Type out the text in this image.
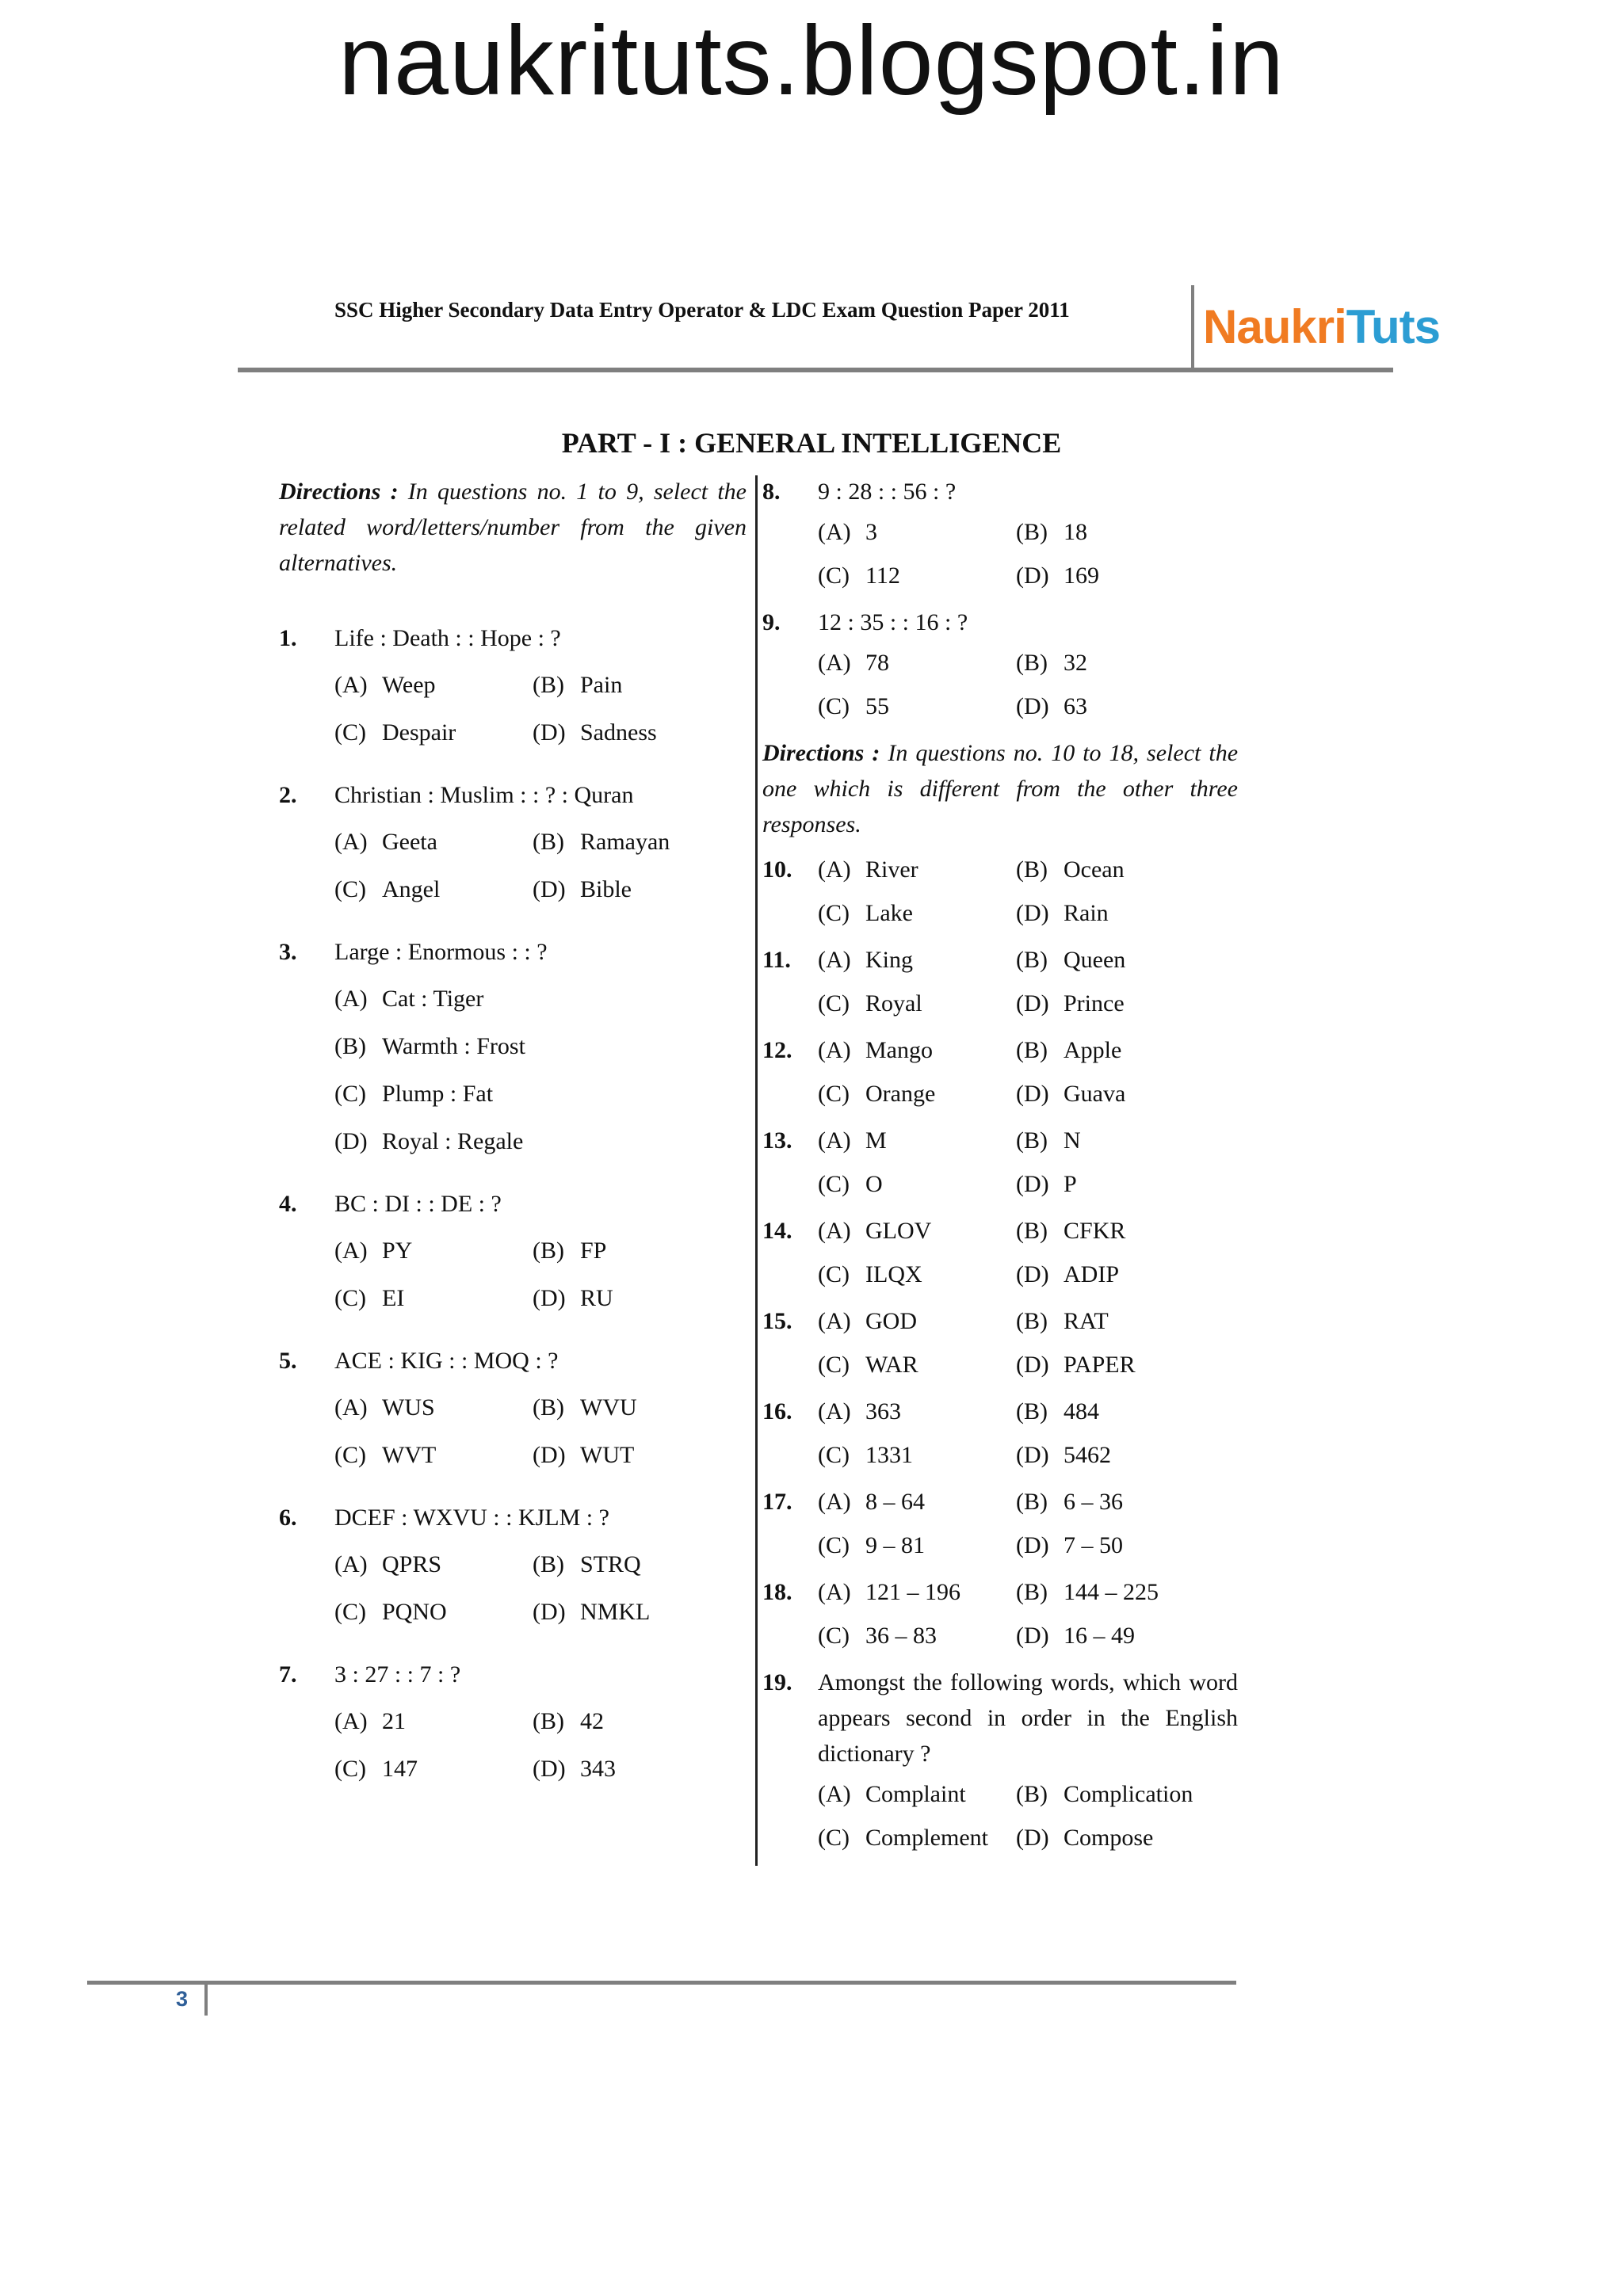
naukrituts.blogspot.in
SSC Higher Secondary Data Entry Operator & LDC Exam Question Paper 2011	NaukriTuts
PART - I : GENERAL INTELLIGENCE
Directions : In questions no. 1 to 9, select the related word/letters/number from the given alternatives.
1.	Life : Death : : Hope : ?
(A) Weep	(B) Pain
(C) Despair	(D) Sadness
2.	Christian : Muslim : : ? : Quran
(A) Geeta	(B) Ramayan
(C) Angel	(D) Bible
3.	Large : Enormous : : ?
(A) Cat : Tiger
(B) Warmth : Frost
(C) Plump : Fat
(D) Royal : Regale
4.	BC : DI : : DE : ?
(A) PY	(B) FP
(C) EI	(D) RU
5.	ACE : KIG : : MOQ : ?
(A) WUS	(B) WVU
(C) WVT	(D) WUT
6.	DCEF : WXVU : : KJLM : ?
(A) QPRS	(B) STRQ
(C) PQNO	(D) NMKL
7.	3 : 27 : : 7 : ?
(A) 21	(B) 42
(C) 147	(D) 343
8.	9 : 28 : : 56 : ?
(A) 3	(B) 18
(C) 112	(D) 169
9.	12 : 35 : : 16 : ?
(A) 78	(B) 32
(C) 55	(D) 63
Directions : In questions no. 10 to 18, select the one which is different from the other three responses.
10.	(A) River	(B) Ocean
(C) Lake	(D) Rain
11.	(A) King	(B) Queen
(C) Royal	(D) Prince
12.	(A) Mango	(B) Apple
(C) Orange	(D) Guava
13.	(A) M	(B) N
(C) O	(D) P
14.	(A) GLOV	(B) CFKR
(C) ILQX	(D) ADIP
15.	(A) GOD	(B) RAT
(C) WAR	(D) PAPER
16.	(A) 363	(B) 484
(C) 1331	(D) 5462
17.	(A) 8 – 64	(B) 6 – 36
(C) 9 – 81	(D) 7 – 50
18.	(A) 121 – 196	(B) 144 – 225
(C) 36 – 83	(D) 16 – 49
19.	Amongst the following words, which word appears second in order in the English dictionary ?
(A) Complaint	(B) Complication
(C) Complement	(D) Compose
3
